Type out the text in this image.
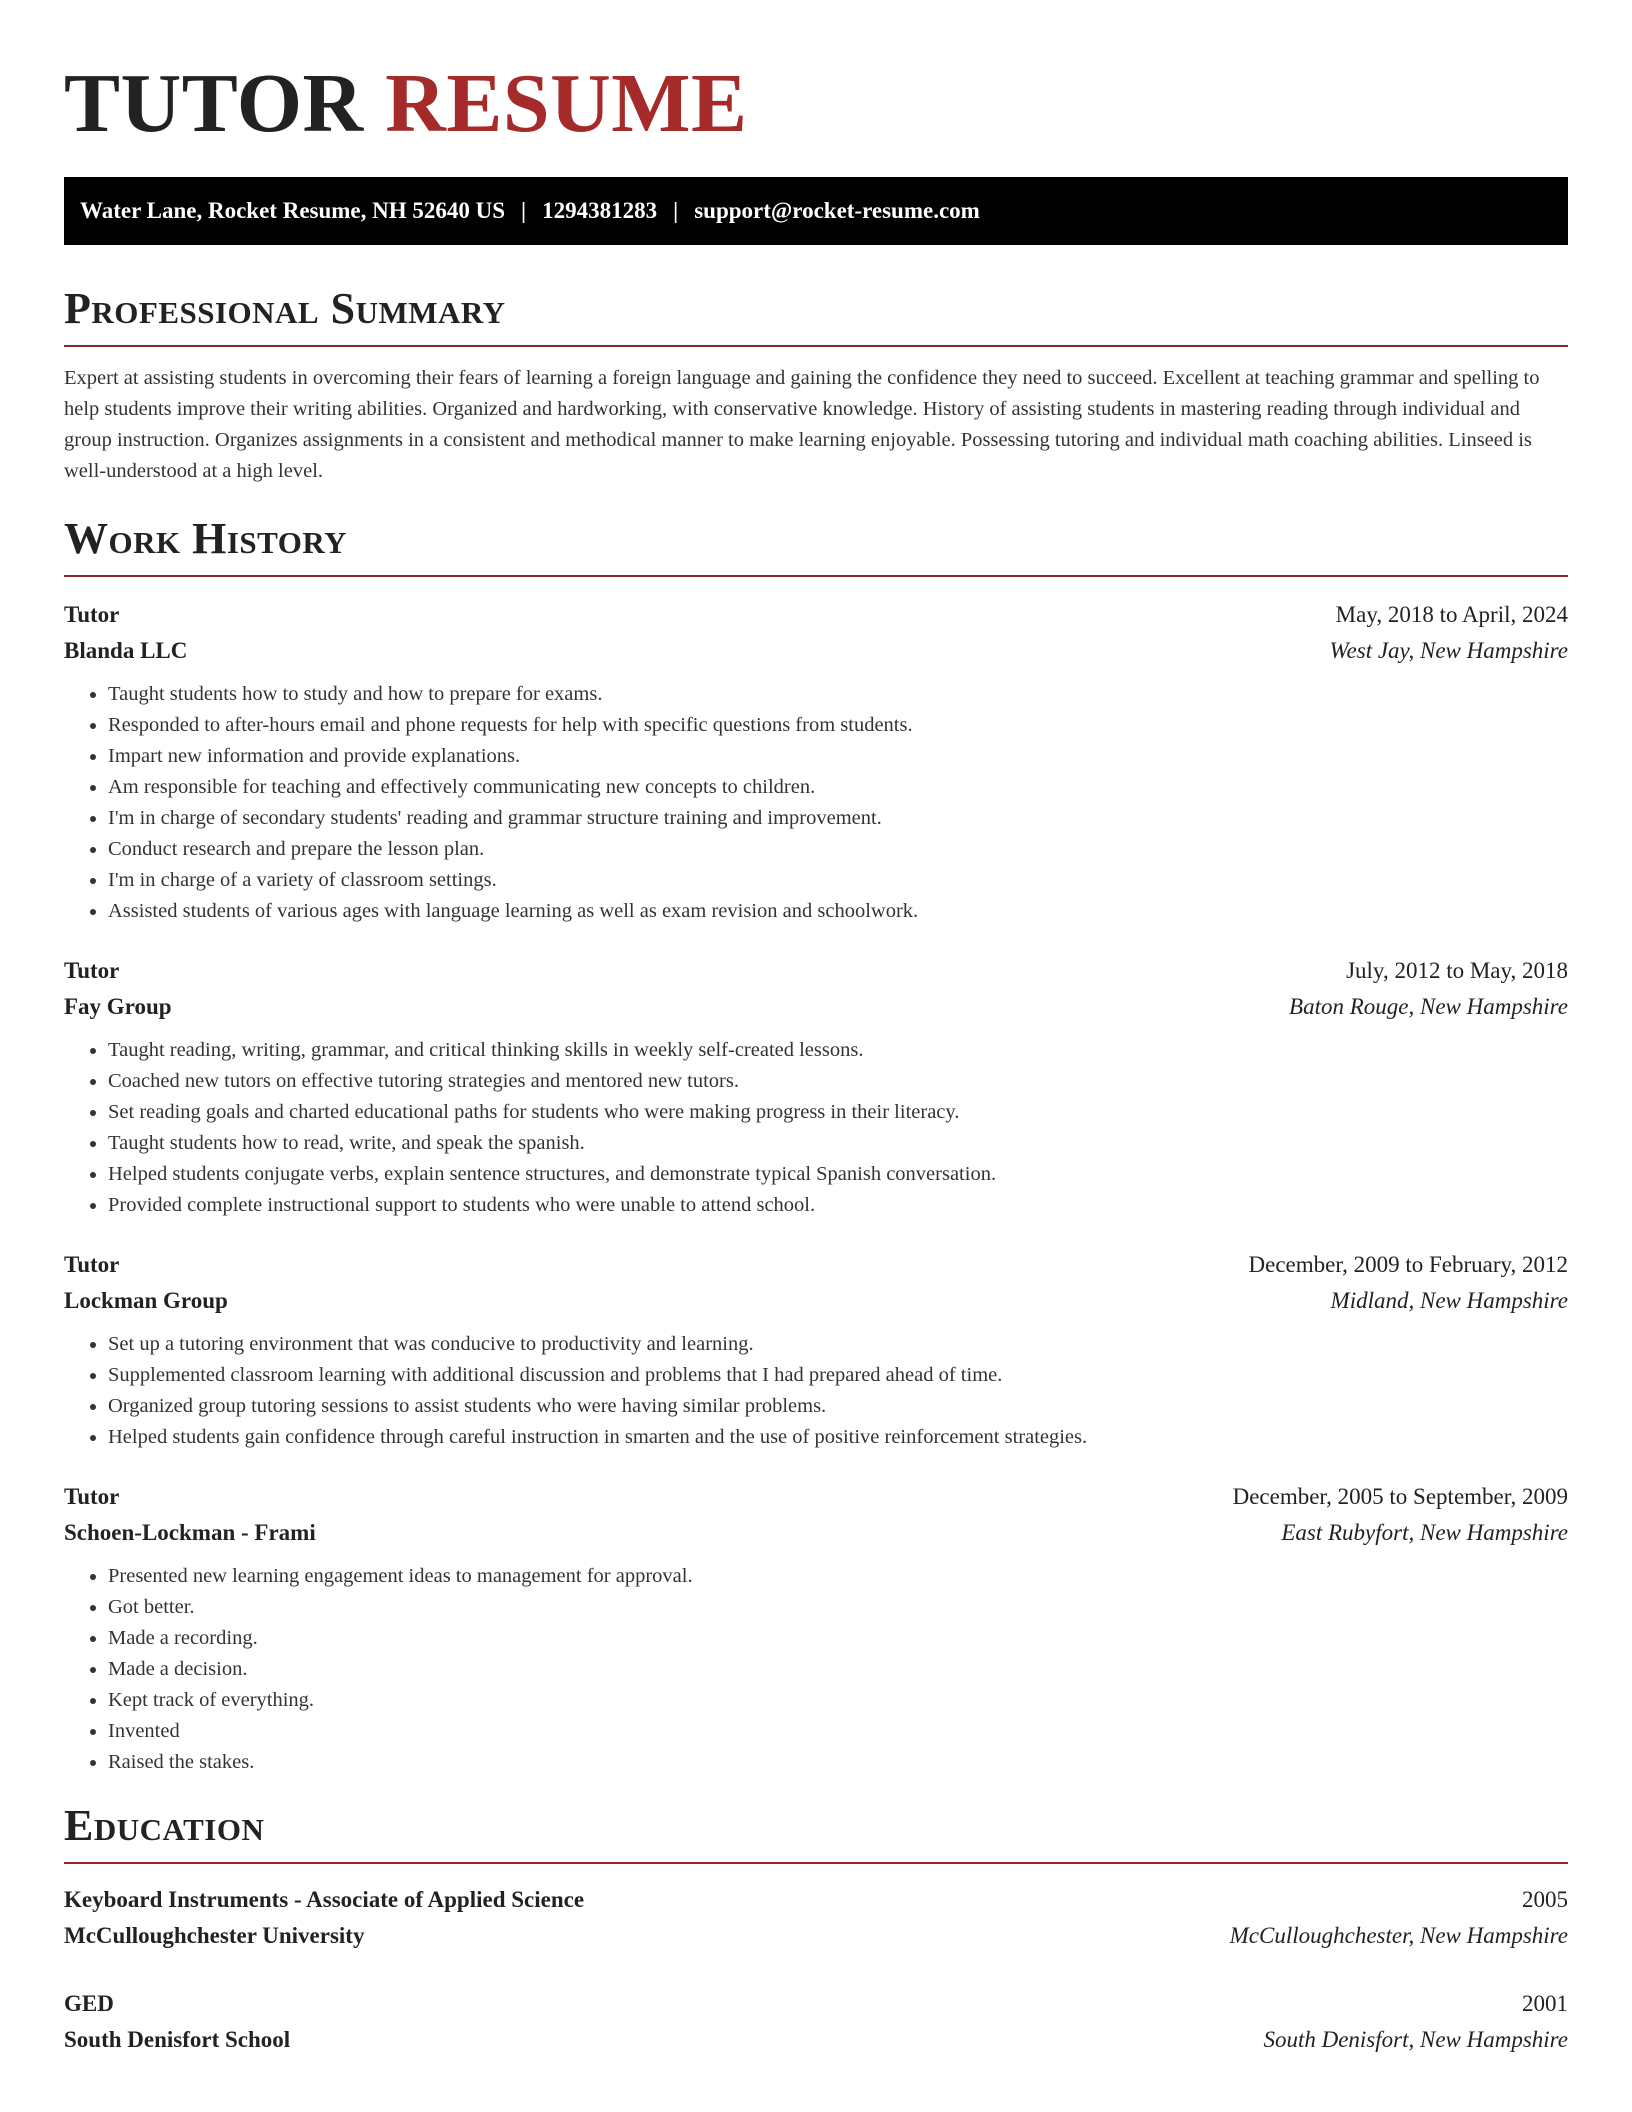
TUTOR RESUME
Water Lane, Rocket Resume, NH 52640 US | 1294381283 | support@rocket-resume.com
Professional Summary

Expert at assisting students in overcoming their fears of learning a foreign language and gaining the confidence they need to succeed. Excellent at teaching grammar and spelling to help students improve their writing abilities. Organized and hardworking, with conservative knowledge. History of assisting students in mastering reading through individual and group instruction. Organizes assignments in a consistent and methodical manner to make learning enjoyable. Possessing tutoring and individual math coaching abilities. Linseed is well-understood at a high level.

Work History
Tutor	May, 2018 to April, 2024
Blanda LLC	West Jay, New Hampshire
• Taught students how to study and how to prepare for exams.
• Responded to after-hours email and phone requests for help with specific questions from students.
• Impart new information and provide explanations.
• Am responsible for teaching and effectively communicating new concepts to children.
• I'm in charge of secondary students' reading and grammar structure training and improvement.
• Conduct research and prepare the lesson plan.
• I'm in charge of a variety of classroom settings.
• Assisted students of various ages with language learning as well as exam revision and schoolwork.
Tutor	July, 2012 to May, 2018
Fay Group	Baton Rouge, New Hampshire
• Taught reading, writing, grammar, and critical thinking skills in weekly self-created lessons.
• Coached new tutors on effective tutoring strategies and mentored new tutors.
• Set reading goals and charted educational paths for students who were making progress in their literacy.
• Taught students how to read, write, and speak the spanish.
• Helped students conjugate verbs, explain sentence structures, and demonstrate typical Spanish conversation.
• Provided complete instructional support to students who were unable to attend school.
Tutor	December, 2009 to February, 2012
Lockman Group	Midland, New Hampshire
• Set up a tutoring environment that was conducive to productivity and learning.
• Supplemented classroom learning with additional discussion and problems that I had prepared ahead of time.
• Organized group tutoring sessions to assist students who were having similar problems.
• Helped students gain confidence through careful instruction in smarten and the use of positive reinforcement strategies.
Tutor	December, 2005 to September, 2009
Schoen-Lockman - Frami	East Rubyfort, New Hampshire
• Presented new learning engagement ideas to management for approval.
• Got better.
• Made a recording.
• Made a decision.
• Kept track of everything.
• Invented
• Raised the stakes.
Education
Keyboard Instruments - Associate of Applied Science	2005
McCulloughchester University	McCulloughchester, New Hampshire
GED	2001
South Denisfort School	South Denisfort, New Hampshire
